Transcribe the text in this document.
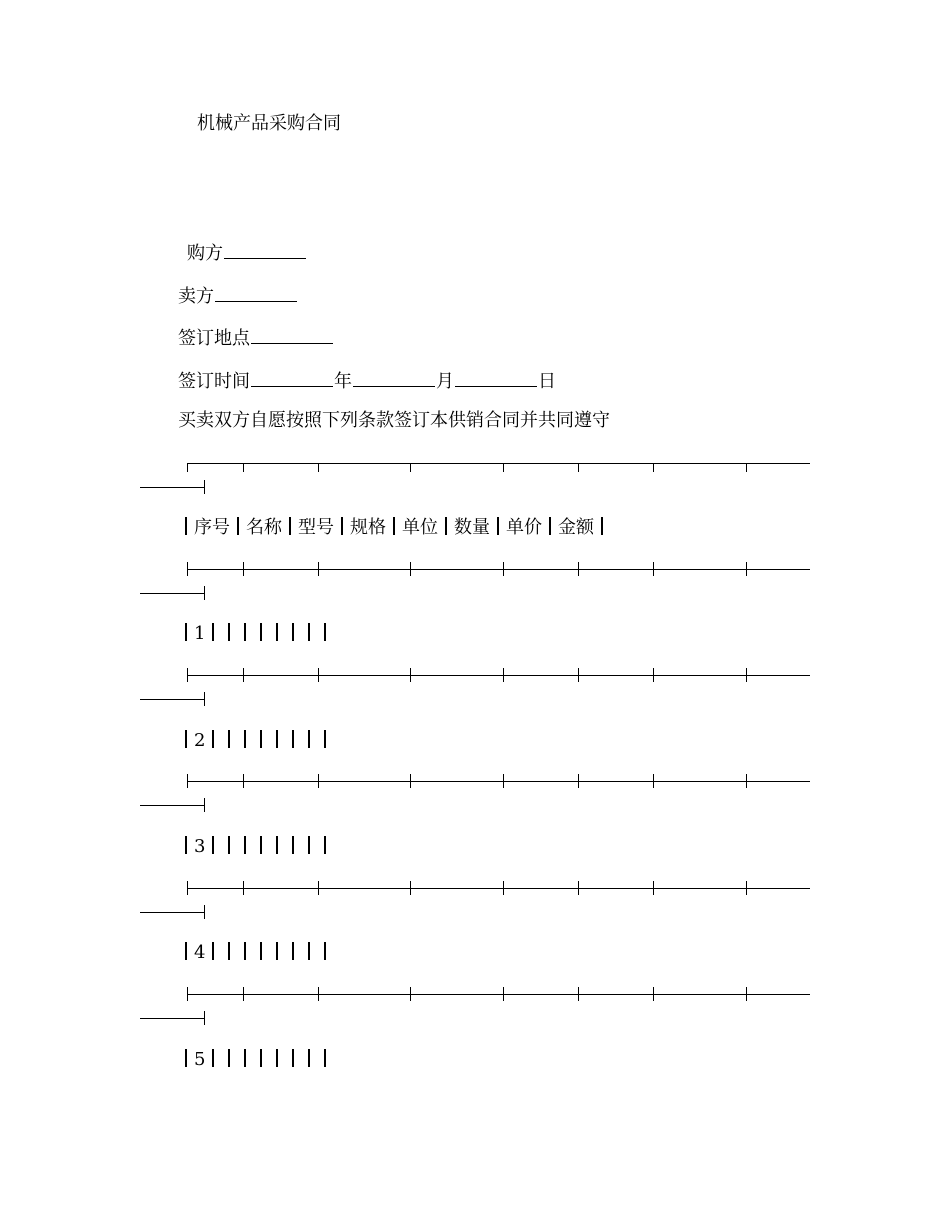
机械产品采购合同
购方
卖方
签订地点
签订时间	年	月	日
买卖双方自愿按照下列条款签订本供销合同并共同遵守
序号 名称 型号 规格 单位 数量 单价 金额
1
2
3
4
5
